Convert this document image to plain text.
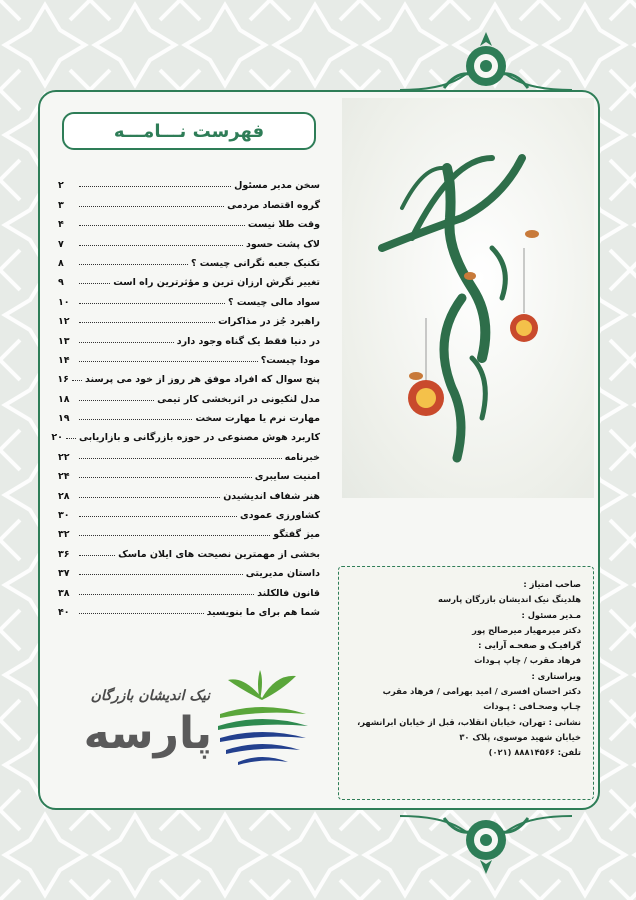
فهرست نـــامـــه
سخن مدیر مسئول
۲
گروه اقتصاد مردمی
۳
وقت طلا نیست
۴
لاک پشت حسود
۷
تکنیک جعبه نگرانی چیست ؟
۸
تغییر نگرش ارزان ترین و مؤثرترین راه است
۹
سواد مالی چیست ؟
۱۰
راهبرد جُز در مذاکرات
۱۲
در دنیا فقط یک گناه وجود دارد
۱۳
مودا چیست؟
۱۴
پنج سوال که افراد موفق هر روز از خود می پرسند
۱۶
مدل لنکیونی در اثربخشی کار تیمی
۱۸
مهارت نرم یا مهارت سخت
۱۹
کاربرد هوش مصنوعی در حوزه بازرگانی و بازاریابی
۲۰
خبرنامه
۲۲
امنیت سایبری
۲۴
هنر شفاف اندیشیدن
۲۸
کشاورزی عمودی
۳۰
میز گفتگو
۳۲
بخشی از مهمترین نصیحت های ایلان ماسک
۳۶
داستان مدیریتی
۳۷
قانون فالکلند
۳۸
شما هم برای ما بنویسید
۴۰
صاحب امتیاز :
هلدینگ نیک اندیشان بازرگان پارسه
مـدیر مسئول :
دکتر میرمهیار میرصالح پور
گرافیـک و صفحـه آرایی :
فرهاد مقرب / چاپ پـودات
ویراستاری :
دکتر احسان افسری / امید بهرامی / فرهاد مقرب
چـاپ وصحـافی : پـودات
نشانی : تهران، خیابان انقلاب، قبل از خیابان ابرانشهر،
خیابان شهید موسوی، پلاک ۳۰
تلفن: ۸۸۸۱۴۵۶۶ (۰۲۱)
نیک اندیشان بازرگان
پارسه
